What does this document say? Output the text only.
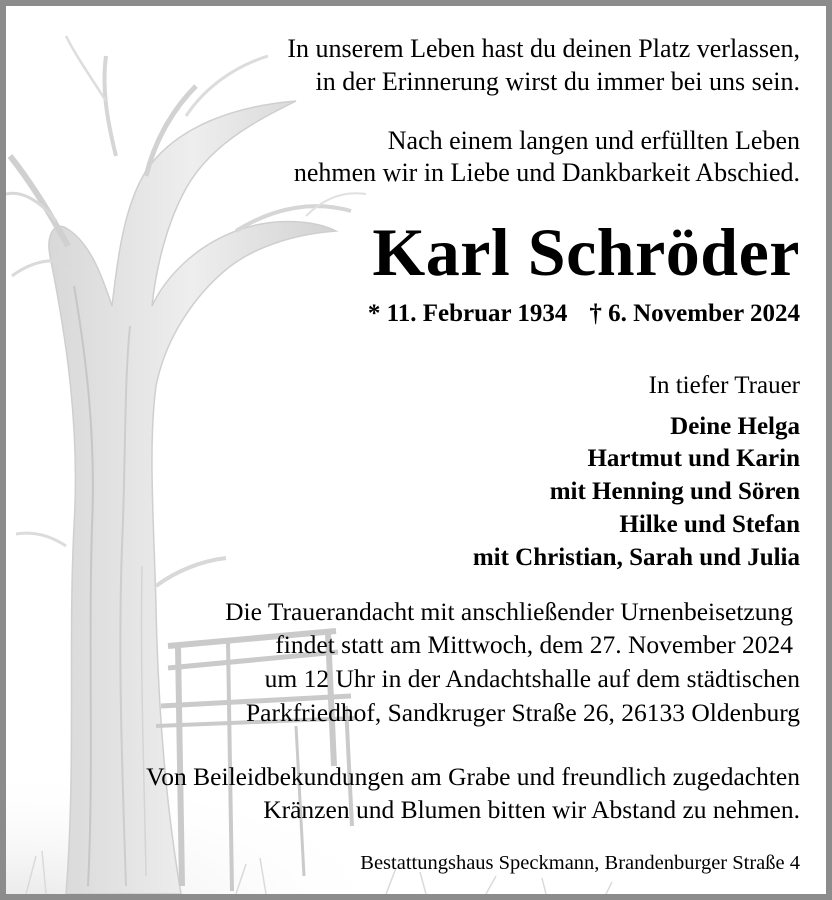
In unserem Leben hast du deinen Platz verlassen,
in der Erinnerung wirst du immer bei uns sein.
Nach einem langen und erfüllten Leben
nehmen wir in Liebe und Dankbarkeit Abschied.
Karl Schröder
* 11. Februar 1934 † 6. November 2024
In tiefer Trauer
Deine Helga
Hartmut und Karin
mit Henning und Sören
Hilke und Stefan
mit Christian, Sarah und Julia
Die Trauerandacht mit anschließender Urnenbeisetzung
findet statt am Mittwoch, dem 27. November 2024
um 12 Uhr in der Andachtshalle auf dem städtischen
Parkfriedhof, Sandkruger Straße 26, 26133 Oldenburg
Von Beileidbekundungen am Grabe und freundlich zugedachten
Kränzen und Blumen bitten wir Abstand zu nehmen.
Bestattungshaus Speckmann, Brandenburger Straße 4
